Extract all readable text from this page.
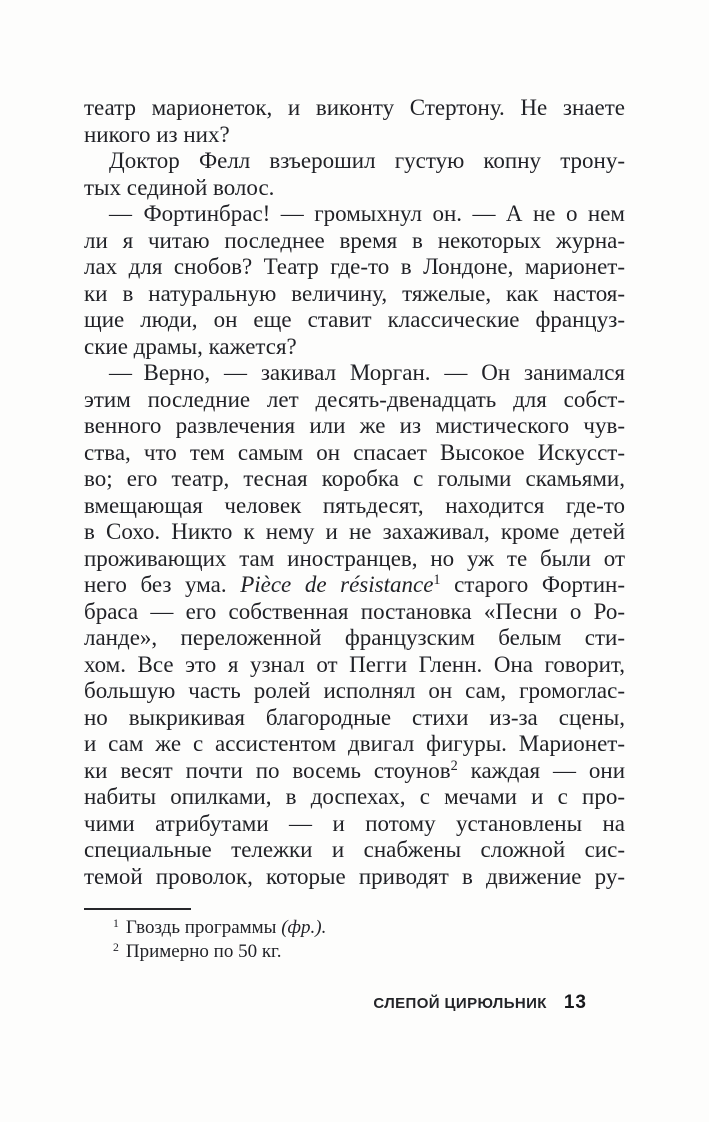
театр марионеток, и виконту Стертону. Не знаете
никого из них?
Доктор Фелл взъерошил густую копну трону-
тых сединой волос.
— Фортинбрас! — громыхнул он. — А не о нем
ли я читаю последнее время в некоторых журна-
лах для снобов? Театр где-то в Лондоне, марионет-
ки в натуральную величину, тяжелые, как настоя-
щие люди, он еще ставит классические француз-
ские драмы, кажется?
— Верно, — закивал Морган. — Он занимался
этим последние лет десять-двенадцать для собст-
венного развлечения или же из мистического чув-
ства, что тем самым он спасает Высокое Искусст-
во; его театр, тесная коробка с голыми скамьями,
вмещающая человек пятьдесят, находится где-то
в Сохо. Никто к нему и не захаживал, кроме детей
проживающих там иностранцев, но уж те были от
него без ума. Pièce de résistance$^1$ старого Фортин-
браса — его собственная постановка «Песни о Ро-
ланде», переложенной французским белым сти-
хом. Все это я узнал от Пегги Гленн. Она говорит,
большую часть ролей исполнял он сам, громоглас-
но выкрикивая благородные стихи из-за сцены,
и сам же с ассистентом двигал фигуры. Марионет-
ки весят почти по восемь стоунов$^2$ каждая — они
набиты опилками, в доспехах, с мечами и с про-
чими атрибутами — и потому установлены на
специальные тележки и снабжены сложной сис-
темой проволок, которые приводят в движение ру-
$^1$ Гвоздь программы (фр.).
$^2$ Примерно по 50 кг.
СЛЕПОЙ ЦИРЮЛЬНИК 13
